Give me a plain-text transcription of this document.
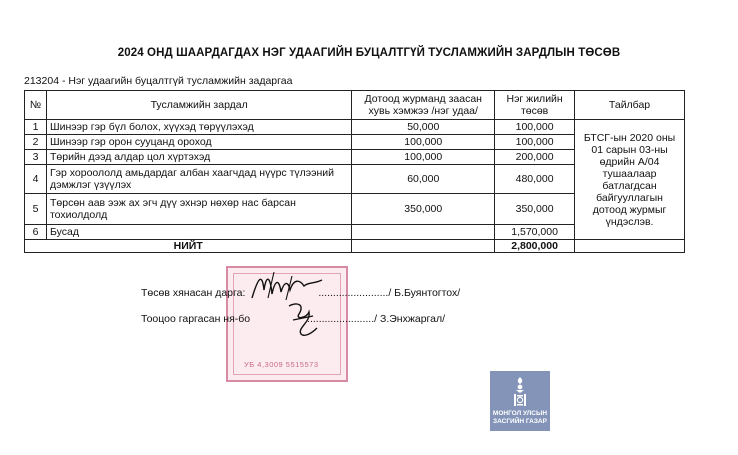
2024 ОНД ШААРДАГДАХ НЭГ УДААГИЙН БУЦАЛТГҮЙ ТУСЛАМЖИЙН ЗАРДЛЫН ТӨСӨВ
213204 - Нэг удаагийн буцалтгүй тусламжийн задаргаа
№	Тусламжийн зардал	Дотоод журманд заасан хувь хэмжээ /нэг удаа/	Нэг жилийн төсөв	Тайлбар
1	Шинээр гэр бүл болох, хүүхэд төрүүлэхэд	50,000	100,000	БТСГ-ын 2020 оны 01 сарын 03-ны өдрийн А/04 тушаалаар батлагдсан байгууллагын дотоод журмыг үндэслэв.
2	Шинээр гэр орон сууцанд ороход	100,000	100,000	
3	Төрийн дээд алдар цол хүртэхэд	100,000	200,000	
4	Гэр хороололд амьдардаг албан хаагчдад нүүрс түлээний дэмжлэг үзүүлэх	60,000	480,000	
5	Төрсөн аав ээж ах эгч дүү эхнэр нөхөр нас барсан тохиолдолд	350,000	350,000	
6	Бусад		1,570,000	
НИЙТ			2,800,000	
УБ 4,3009 5515573
Төсөв хянасан дарга:	......................../ Б.Буянтогтох/
Тооцоо гаргасан ня-бо	......................./ З.Энхжаргал/
МОНГОЛ УЛСЫН
ЗАСГИЙН ГАЗАР
